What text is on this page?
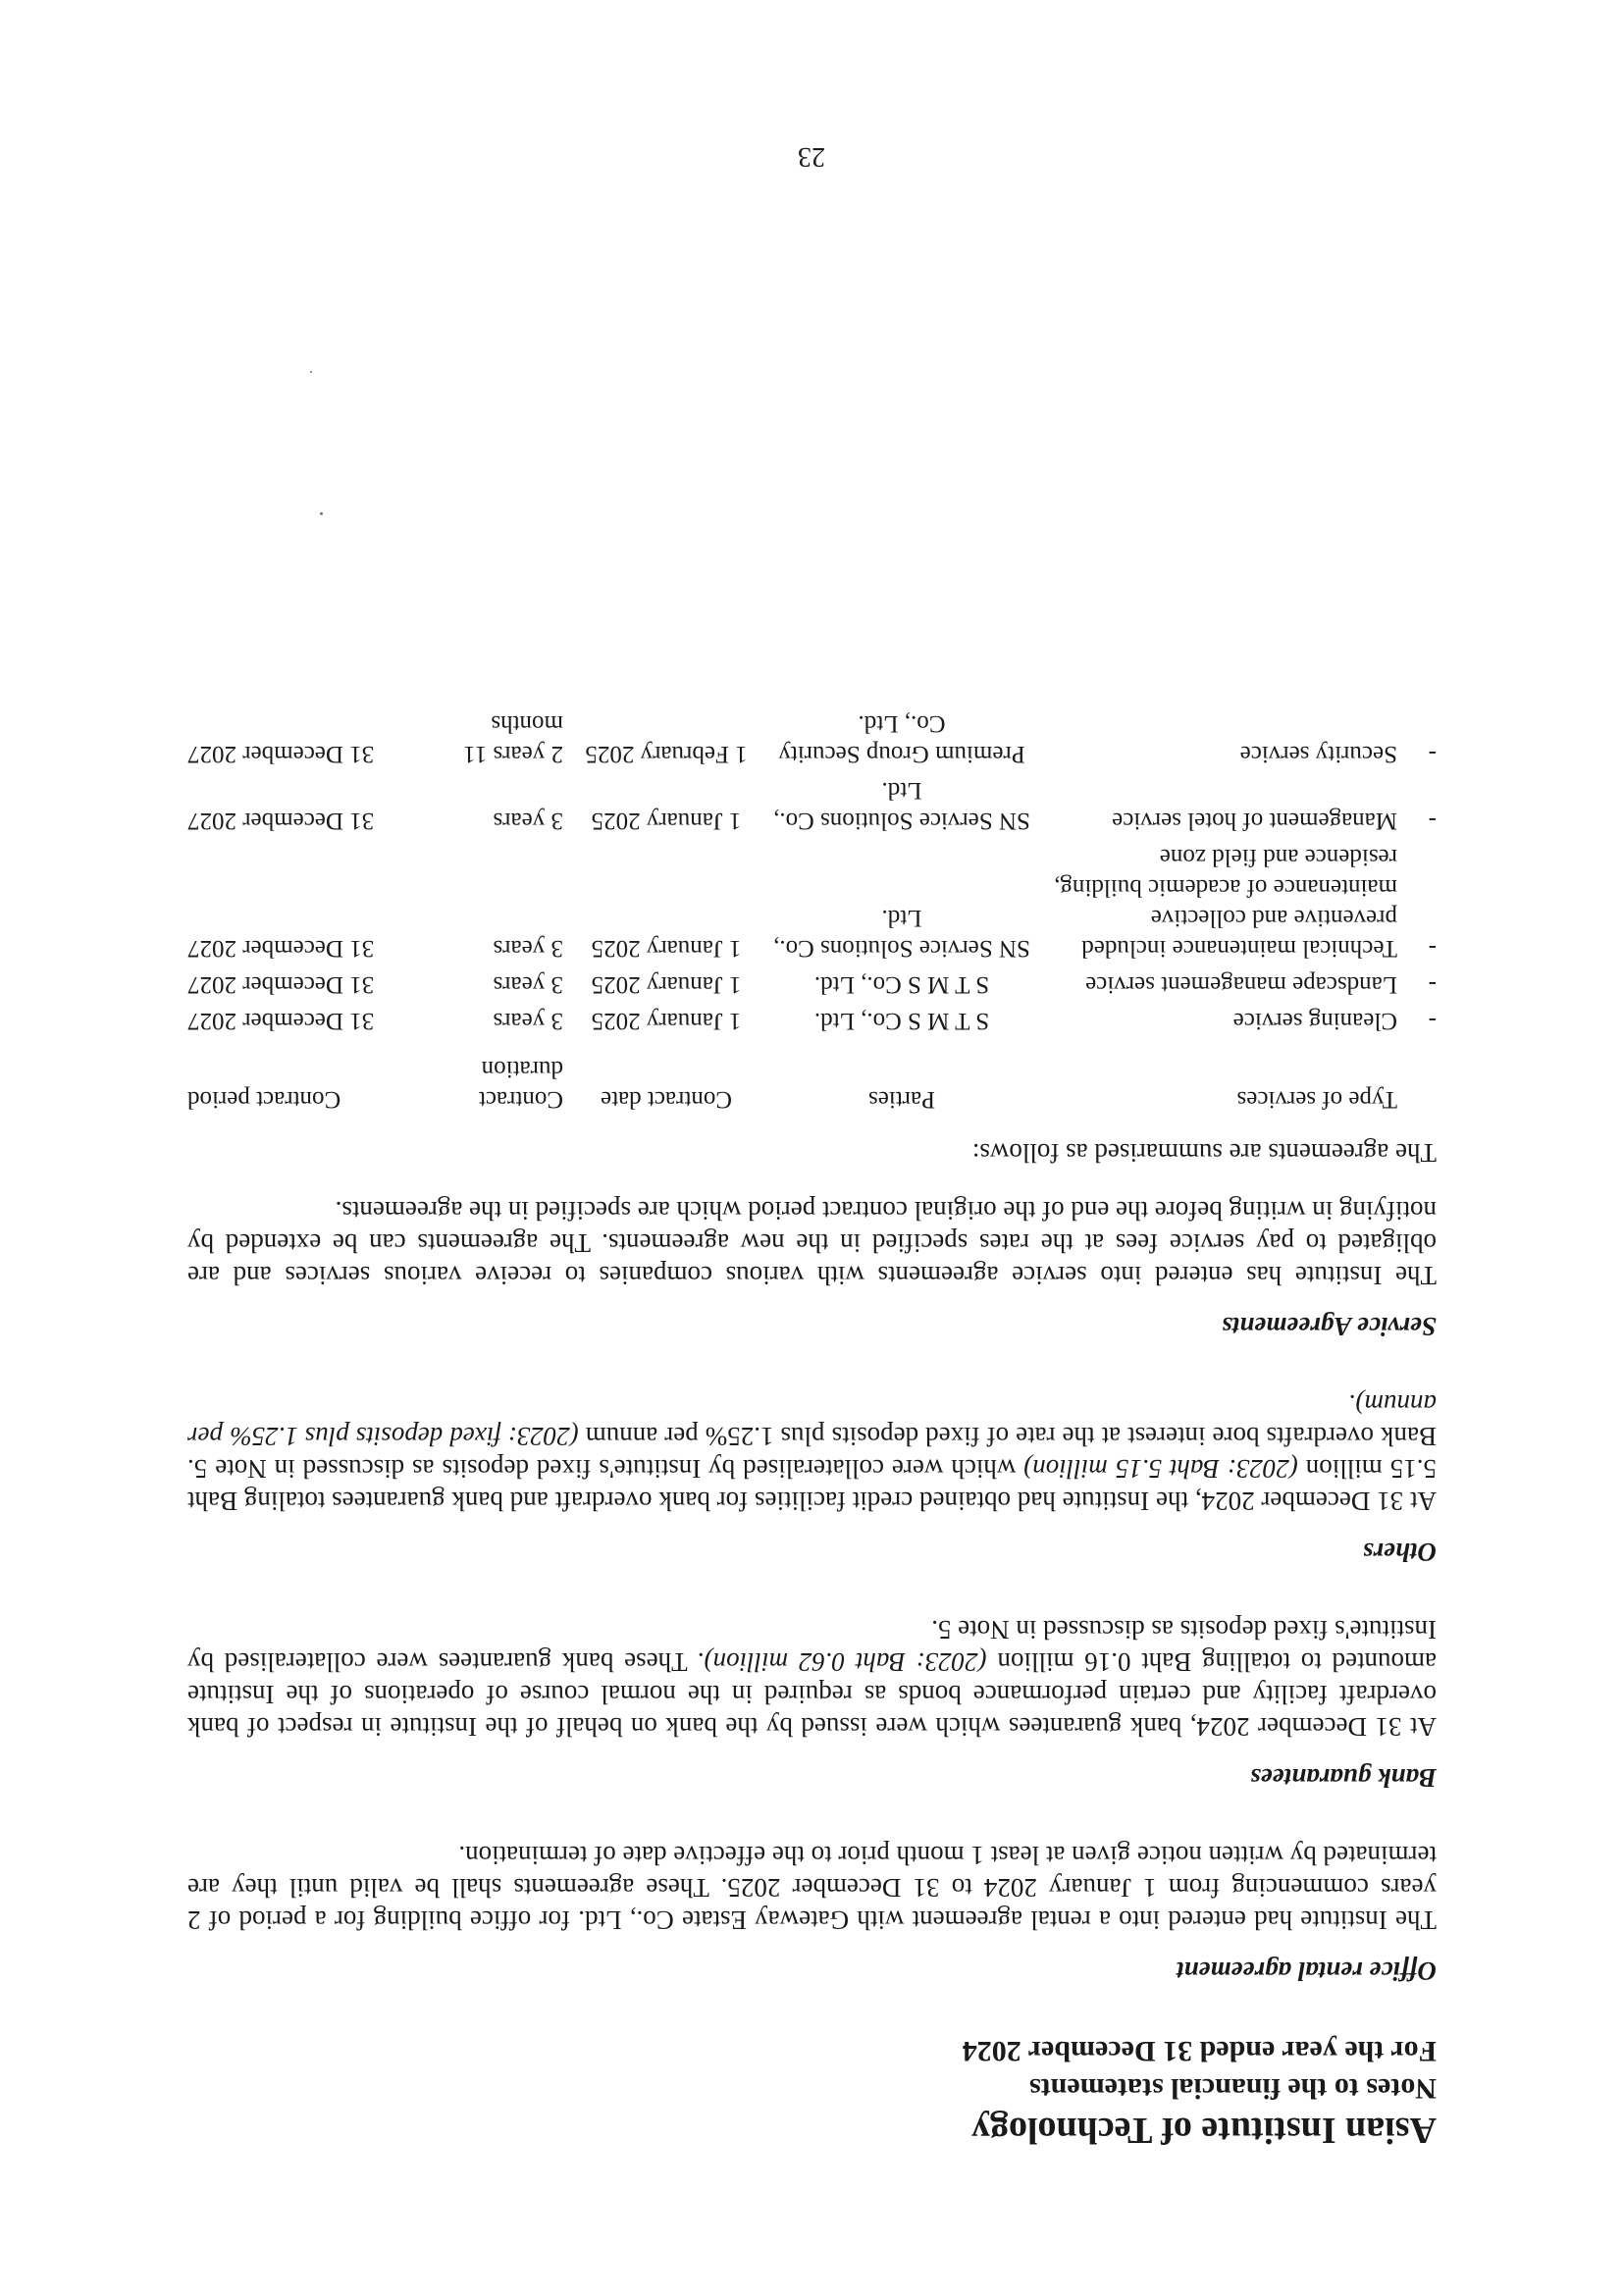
Asian Institute of Technology

Notes to the financial statements

For the year ended 31 December 2024

Office rental agreement

The Institute had entered into a rental agreement with Gateway Estate Co., Ltd. for office building for a period of 2 years commencing from 1 January 2024 to 31 December 2025. These agreements shall be valid until they are terminated by written notice given at least 1 month prior to the effective date of termination.

Bank guarantees

At 31 December 2024, bank guarantees which were issued by the bank on behalf of the Institute in respect of bank overdraft facility and certain performance bonds as required in the normal course of operations of the Institute amounted to totalling Baht 0.16 million (2023: Baht 0.62 million). These bank guarantees were collateralised by Institute's fixed deposits as discussed in Note 5.

Others

At 31 December 2024, the Institute had obtained credit facilities for bank overdraft and bank guarantees totaling Baht 5.15 million (2023: Baht 5.15 million) which were collateralised by Institute's fixed deposits as discussed in Note 5. Bank overdrafts bore interest at the rate of fixed deposits plus 1.25% per annum (2023: fixed deposits plus 1.25% per annum).

Service Agreements

The Institute has entered into service agreements with various companies to receive various services and are obligated to pay service fees at the rates specified in the new agreements. The agreements can be extended by notifying in writing before the end of the original contract period which are specified in the agreements.

The agreements are summarised as follows:

	Type of services	Parties	Contract date	Contract duration	Contract period
-	Cleaning service	S T M S Co., Ltd.	1 January 2025	3 years	31 December 2027
-	Landscape management service	S T M S Co., Ltd.	1 January 2025	3 years	31 December 2027
-	Technical maintenance included preventive and collective maintenance of academic building, residence and field zone	SN Service Solutions Co., Ltd.	1 January 2025	3 years	31 December 2027
-	Management of hotel service	SN Service Solutions Co., Ltd.	1 January 2025	3 years	31 December 2027
-	Security service	Premium Group Security Co., Ltd.	1 February 2025	2 years 11 months	31 December 2027
23
